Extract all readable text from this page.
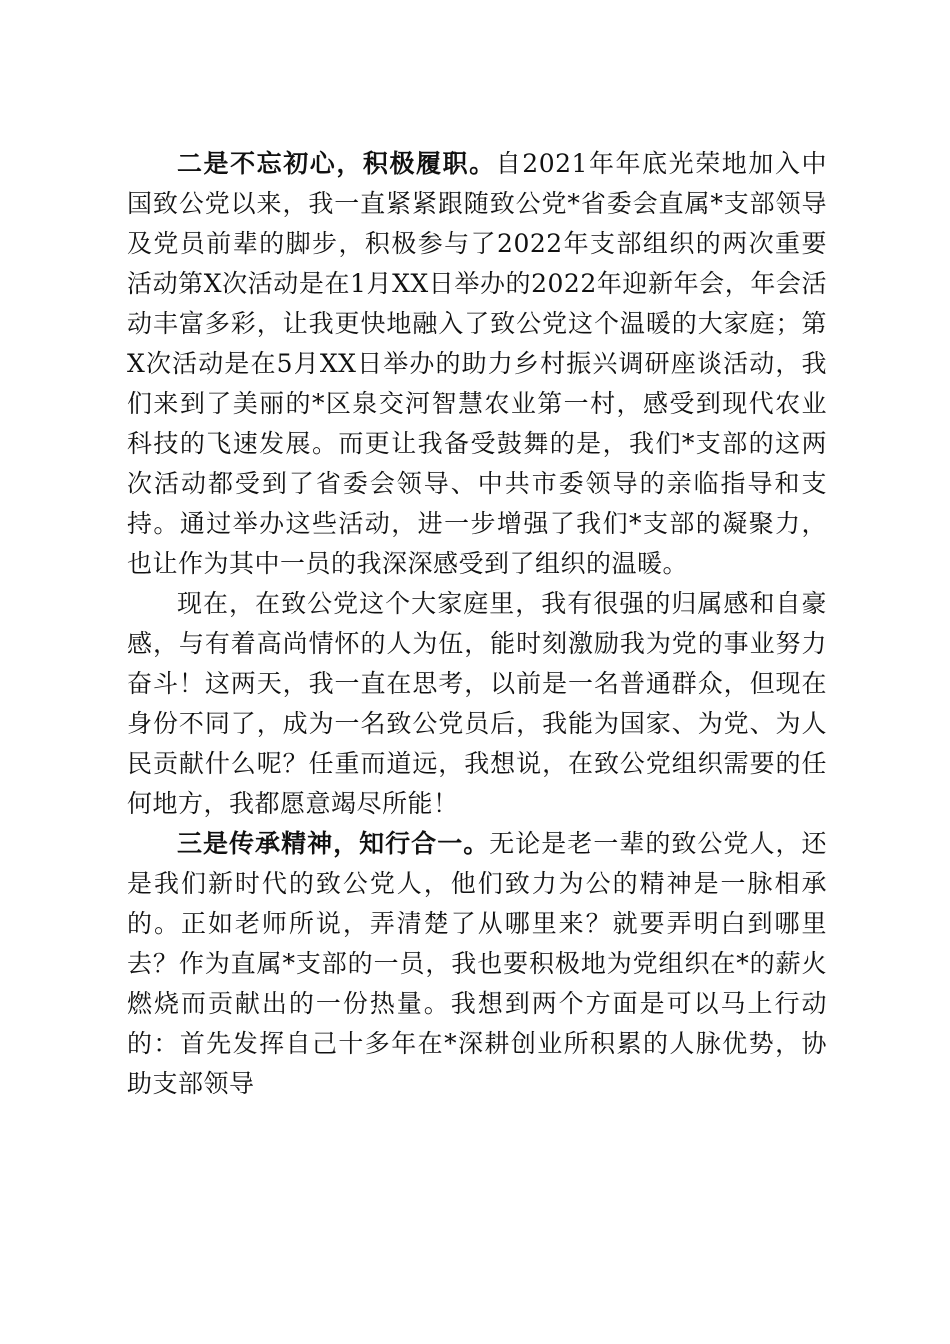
二是不忘初心，积极履职。自2021年年底光荣地加入中国致公党以来，我一直紧紧跟随致公党*省委会直属*支部领导及党员前辈的脚步，积极参与了2022年支部组织的两次重要活动第X次活动是在1月XX日举办的2022年迎新年会，年会活动丰富多彩，让我更快地融入了致公党这个温暖的大家庭；第X次活动是在5月XX日举办的助力乡村振兴调研座谈活动，我们来到了美丽的*区泉交河智慧农业第一村，感受到现代农业科技的飞速发展。而更让我备受鼓舞的是，我们*支部的这两次活动都受到了省委会领导、中共市委领导的亲临指导和支持。通过举办这些活动，进一步增强了我们*支部的凝聚力，也让作为其中一员的我深深感受到了组织的温暖。

现在，在致公党这个大家庭里，我有很强的归属感和自豪感，与有着高尚情怀的人为伍，能时刻激励我为党的事业努力奋斗！这两天，我一直在思考，以前是一名普通群众，但现在身份不同了，成为一名致公党员后，我能为国家、为党、为人民贡献什么呢？任重而道远，我想说，在致公党组织需要的任何地方，我都愿意竭尽所能！

三是传承精神，知行合一。无论是老一辈的致公党人，还是我们新时代的致公党人，他们致力为公的精神是一脉相承的。正如老师所说，弄清楚了从哪里来？就要弄明白到哪里去？作为直属*支部的一员，我也要积极地为党组织在*的薪火燃烧而贡献出的一份热量。我想到两个方面是可以马上行动的：首先发挥自己十多年在*深耕创业所积累的人脉优势，协助支部领导
